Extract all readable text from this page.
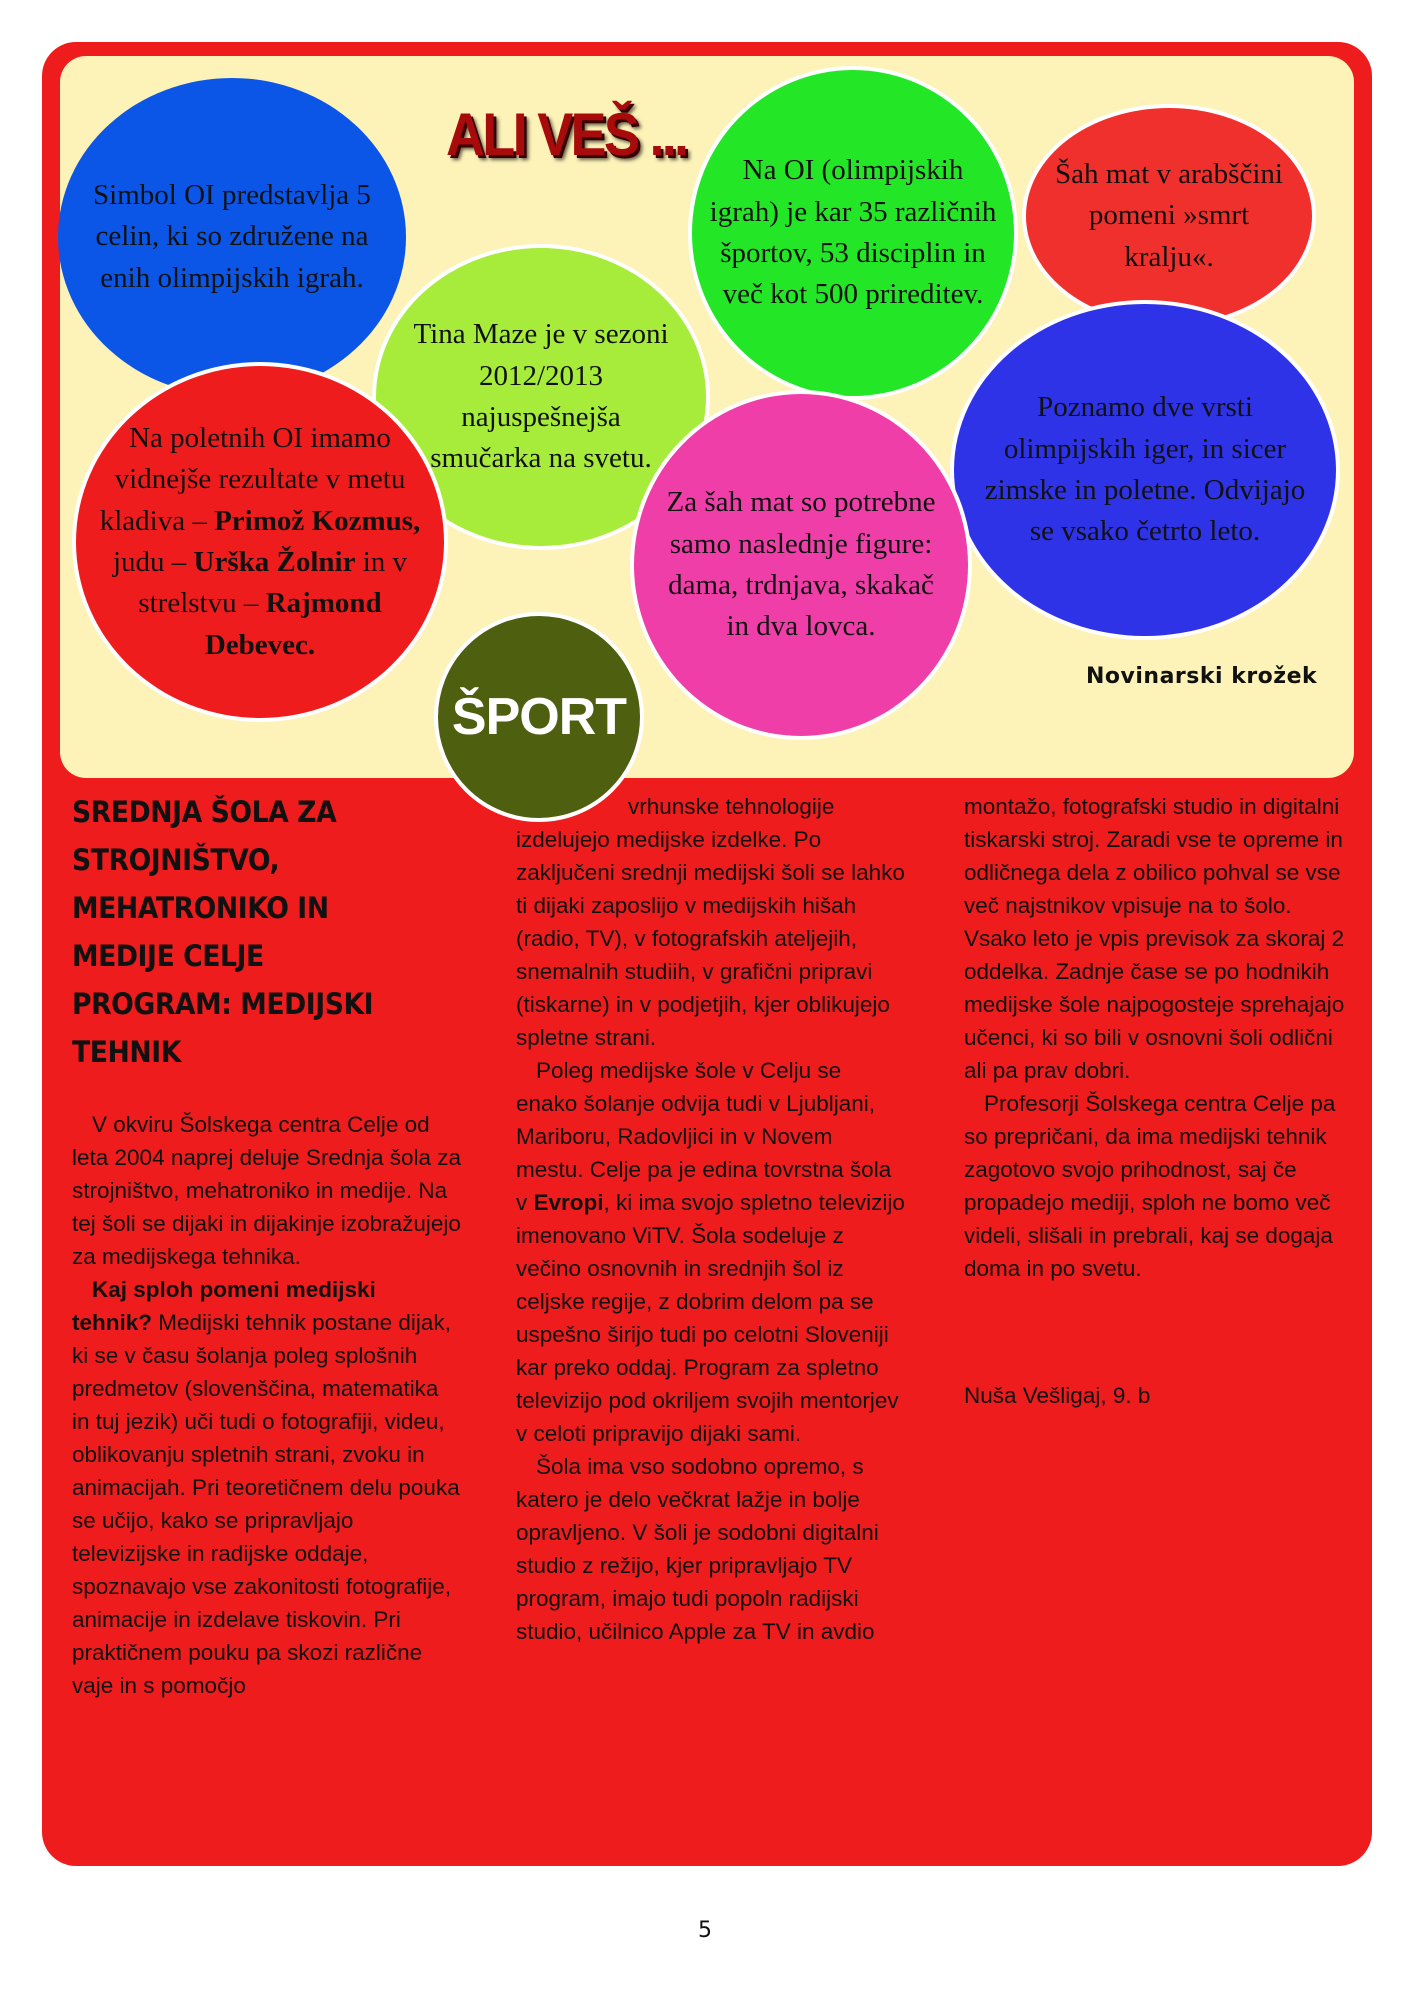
Simbol OI predstavlja 5 celin, ki so združene na enih olimpijskih igrah.
Šah mat v arabščini pomeni »smrt kralju«.
Na OI (olimpijskih igrah) je kar 35 različnih športov, 53 disciplin in več kot 500 prireditev.
Poznamo dve vrsti olimpijskih iger, in sicer zimske in poletne. Odvijajo se vsako četrto leto.
Tina Maze je v sezoni 2012/2013 najuspešnejša smučarka na svetu.
Za šah mat so potrebne samo naslednje figure: dama, trdnjava, skakač in dva lovca.
Na poletnih OI imamo vidnejše rezultate v metu kladiva – Primož Kozmus, judu – Urška Žolnir in v strelstvu – Rajmond Debevec.
ŠPORT
ALI VEŠ ...
Novinarski krožek
SREDNJA ŠOLA ZA STROJNIŠTVO, MEHATRONIKO IN MEDIJE CELJE PROGRAM: MEDIJSKI TEHNIK

V okviru Šolskega centra Celje od leta 2004 naprej deluje Srednja šola za strojništvo, mehatroniko in medije. Na tej šoli se dijaki in dijakinje izobražujejo za medijskega tehnika.

Kaj sploh pomeni medijski tehnik? Medijski tehnik postane dijak, ki se v času šolanja poleg splošnih predmetov (slovenščina, matematika in tuj jezik) uči tudi o fotografiji, videu, oblikovanju spletnih strani, zvoku in animacijah. Pri teoretičnem delu pouka se učijo, kako se pripravljajo televizijske in radijske oddaje, spoznavajo vse zakonitosti fotografije, animacije in izdelave tiskovin. Pri praktičnem pouku pa skozi različne vaje in s pomočjo

vrhunske tehnologije izdelujejo medijske izdelke. Po zaključeni srednji medijski šoli se lahko ti dijaki zaposlijo v medijskih hišah (radio, TV), v fotografskih ateljejih, snemalnih studiih, v grafični pripravi (tiskarne) in v podjetjih, kjer oblikujejo spletne strani.

Poleg medijske šole v Celju se enako šolanje odvija tudi v Ljubljani, Mariboru, Radovljici in v Novem mestu. Celje pa je edina tovrstna šola v Evropi, ki ima svojo spletno televizijo imenovano ViTV. Šola sodeluje z večino osnovnih in srednjih šol iz celjske regije, z dobrim delom pa se uspešno širijo tudi po celotni Sloveniji kar preko oddaj. Program za spletno televizijo pod okriljem svojih mentorjev v celoti pripravijo dijaki sami.

Šola ima vso sodobno opremo, s katero je delo večkrat lažje in bolje opravljeno. V šoli je sodobni digitalni studio z režijo, kjer pripravljajo TV program, imajo tudi popoln radijski studio, učilnico Apple za TV in avdio

montažo, fotografski studio in digitalni tiskarski stroj. Zaradi vse te opreme in odličnega dela z obilico pohval se vse več najstnikov vpisuje na to šolo. Vsako leto je vpis previsok za skoraj 2 oddelka. Zadnje čase se po hodnikih medijske šole najpogosteje sprehajajo učenci, ki so bili v osnovni šoli odlični ali pa prav dobri.

Profesorji Šolskega centra Celje pa so prepričani, da ima medijski tehnik zagotovo svojo prihodnost, saj če propadejo mediji, sploh ne bomo več videli, slišali in prebrali, kaj se dogaja doma in po svetu.

Nuša Vešligaj, 9. b

5
